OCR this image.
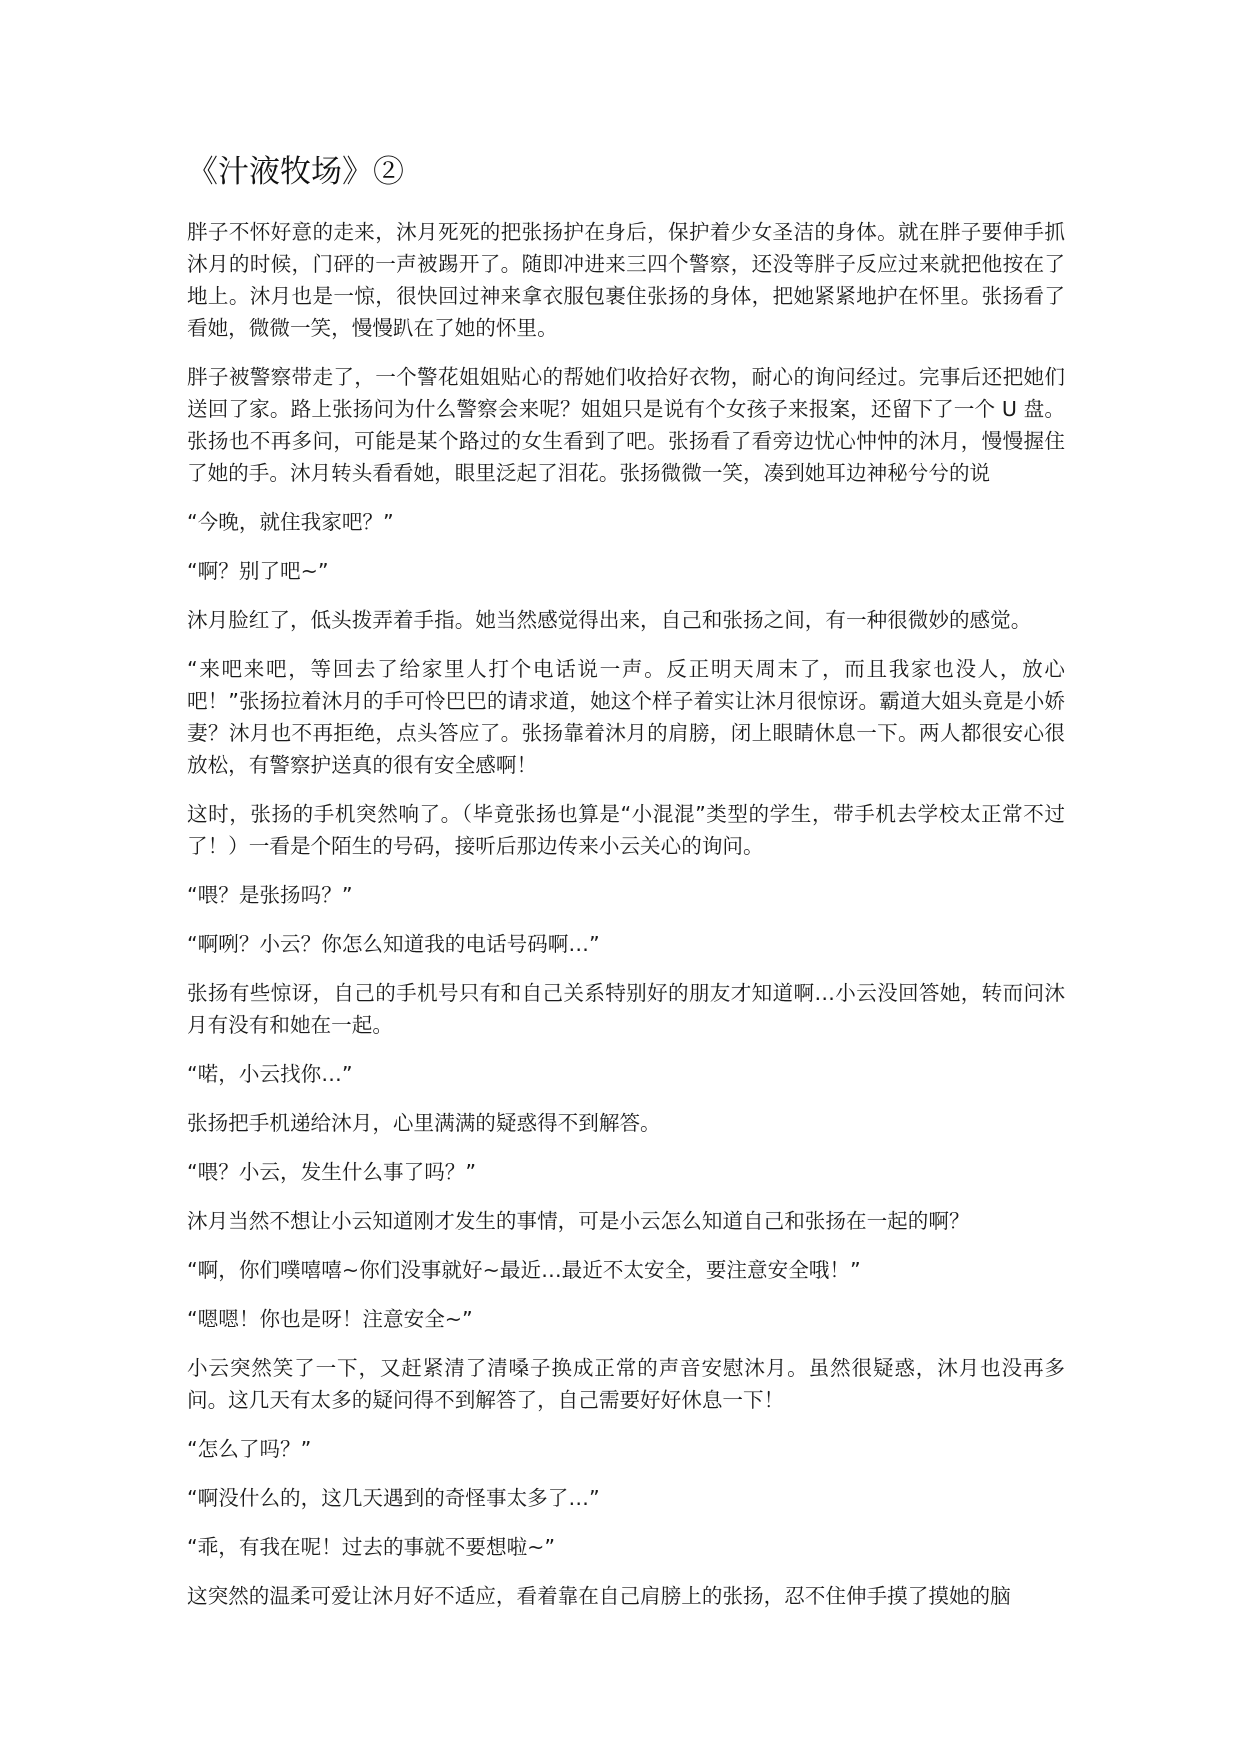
《汁液牧场》②

胖子不怀好意的走来，沐月死死的把张扬护在身后，保护着少女圣洁的身体。就在胖子要伸手抓沐月的时候，门砰的一声被踢开了。随即冲进来三四个警察，还没等胖子反应过来就把他按在了地上。沐月也是一惊，很快回过神来拿衣服包裹住张扬的身体，把她紧紧地护在怀里。张扬看了看她，微微一笑，慢慢趴在了她的怀里。

胖子被警察带走了，一个警花姐姐贴心的帮她们收拾好衣物，耐心的询问经过。完事后还把她们送回了家。路上张扬问为什么警察会来呢？姐姐只是说有个女孩子来报案，还留下了一个 U 盘。张扬也不再多问，可能是某个路过的女生看到了吧。张扬看了看旁边忧心忡忡的沐月，慢慢握住了她的手。沐月转头看看她，眼里泛起了泪花。张扬微微一笑，凑到她耳边神秘兮兮的说

“今晚，就住我家吧？”

“啊？别了吧~”

沐月脸红了，低头拨弄着手指。她当然感觉得出来，自己和张扬之间，有一种很微妙的感觉。

“来吧来吧，等回去了给家里人打个电话说一声。反正明天周末了，而且我家也没人，放心吧！”张扬拉着沐月的手可怜巴巴的请求道，她这个样子着实让沐月很惊讶。霸道大姐头竟是小娇妻？沐月也不再拒绝，点头答应了。张扬靠着沐月的肩膀，闭上眼睛休息一下。两人都很安心很放松，有警察护送真的很有安全感啊！

这时，张扬的手机突然响了。（毕竟张扬也算是“小混混”类型的学生，带手机去学校太正常不过了！）一看是个陌生的号码，接听后那边传来小云关心的询问。

“喂？是张扬吗？”

“啊咧？小云？你怎么知道我的电话号码啊…”

张扬有些惊讶，自己的手机号只有和自己关系特别好的朋友才知道啊…小云没回答她，转而问沐月有没有和她在一起。

“喏，小云找你…”

张扬把手机递给沐月，心里满满的疑惑得不到解答。

“喂？小云，发生什么事了吗？”

沐月当然不想让小云知道刚才发生的事情，可是小云怎么知道自己和张扬在一起的啊？

“啊，你们噗嘻嘻~你们没事就好~最近…最近不太安全，要注意安全哦！”

“嗯嗯！你也是呀！注意安全~”

小云突然笑了一下，又赶紧清了清嗓子换成正常的声音安慰沐月。虽然很疑惑，沐月也没再多问。这几天有太多的疑问得不到解答了，自己需要好好休息一下！

“怎么了吗？”

“啊没什么的，这几天遇到的奇怪事太多了…”

“乖，有我在呢！过去的事就不要想啦~”

这突然的温柔可爱让沐月好不适应，看着靠在自己肩膀上的张扬，忍不住伸手摸了摸她的脑
